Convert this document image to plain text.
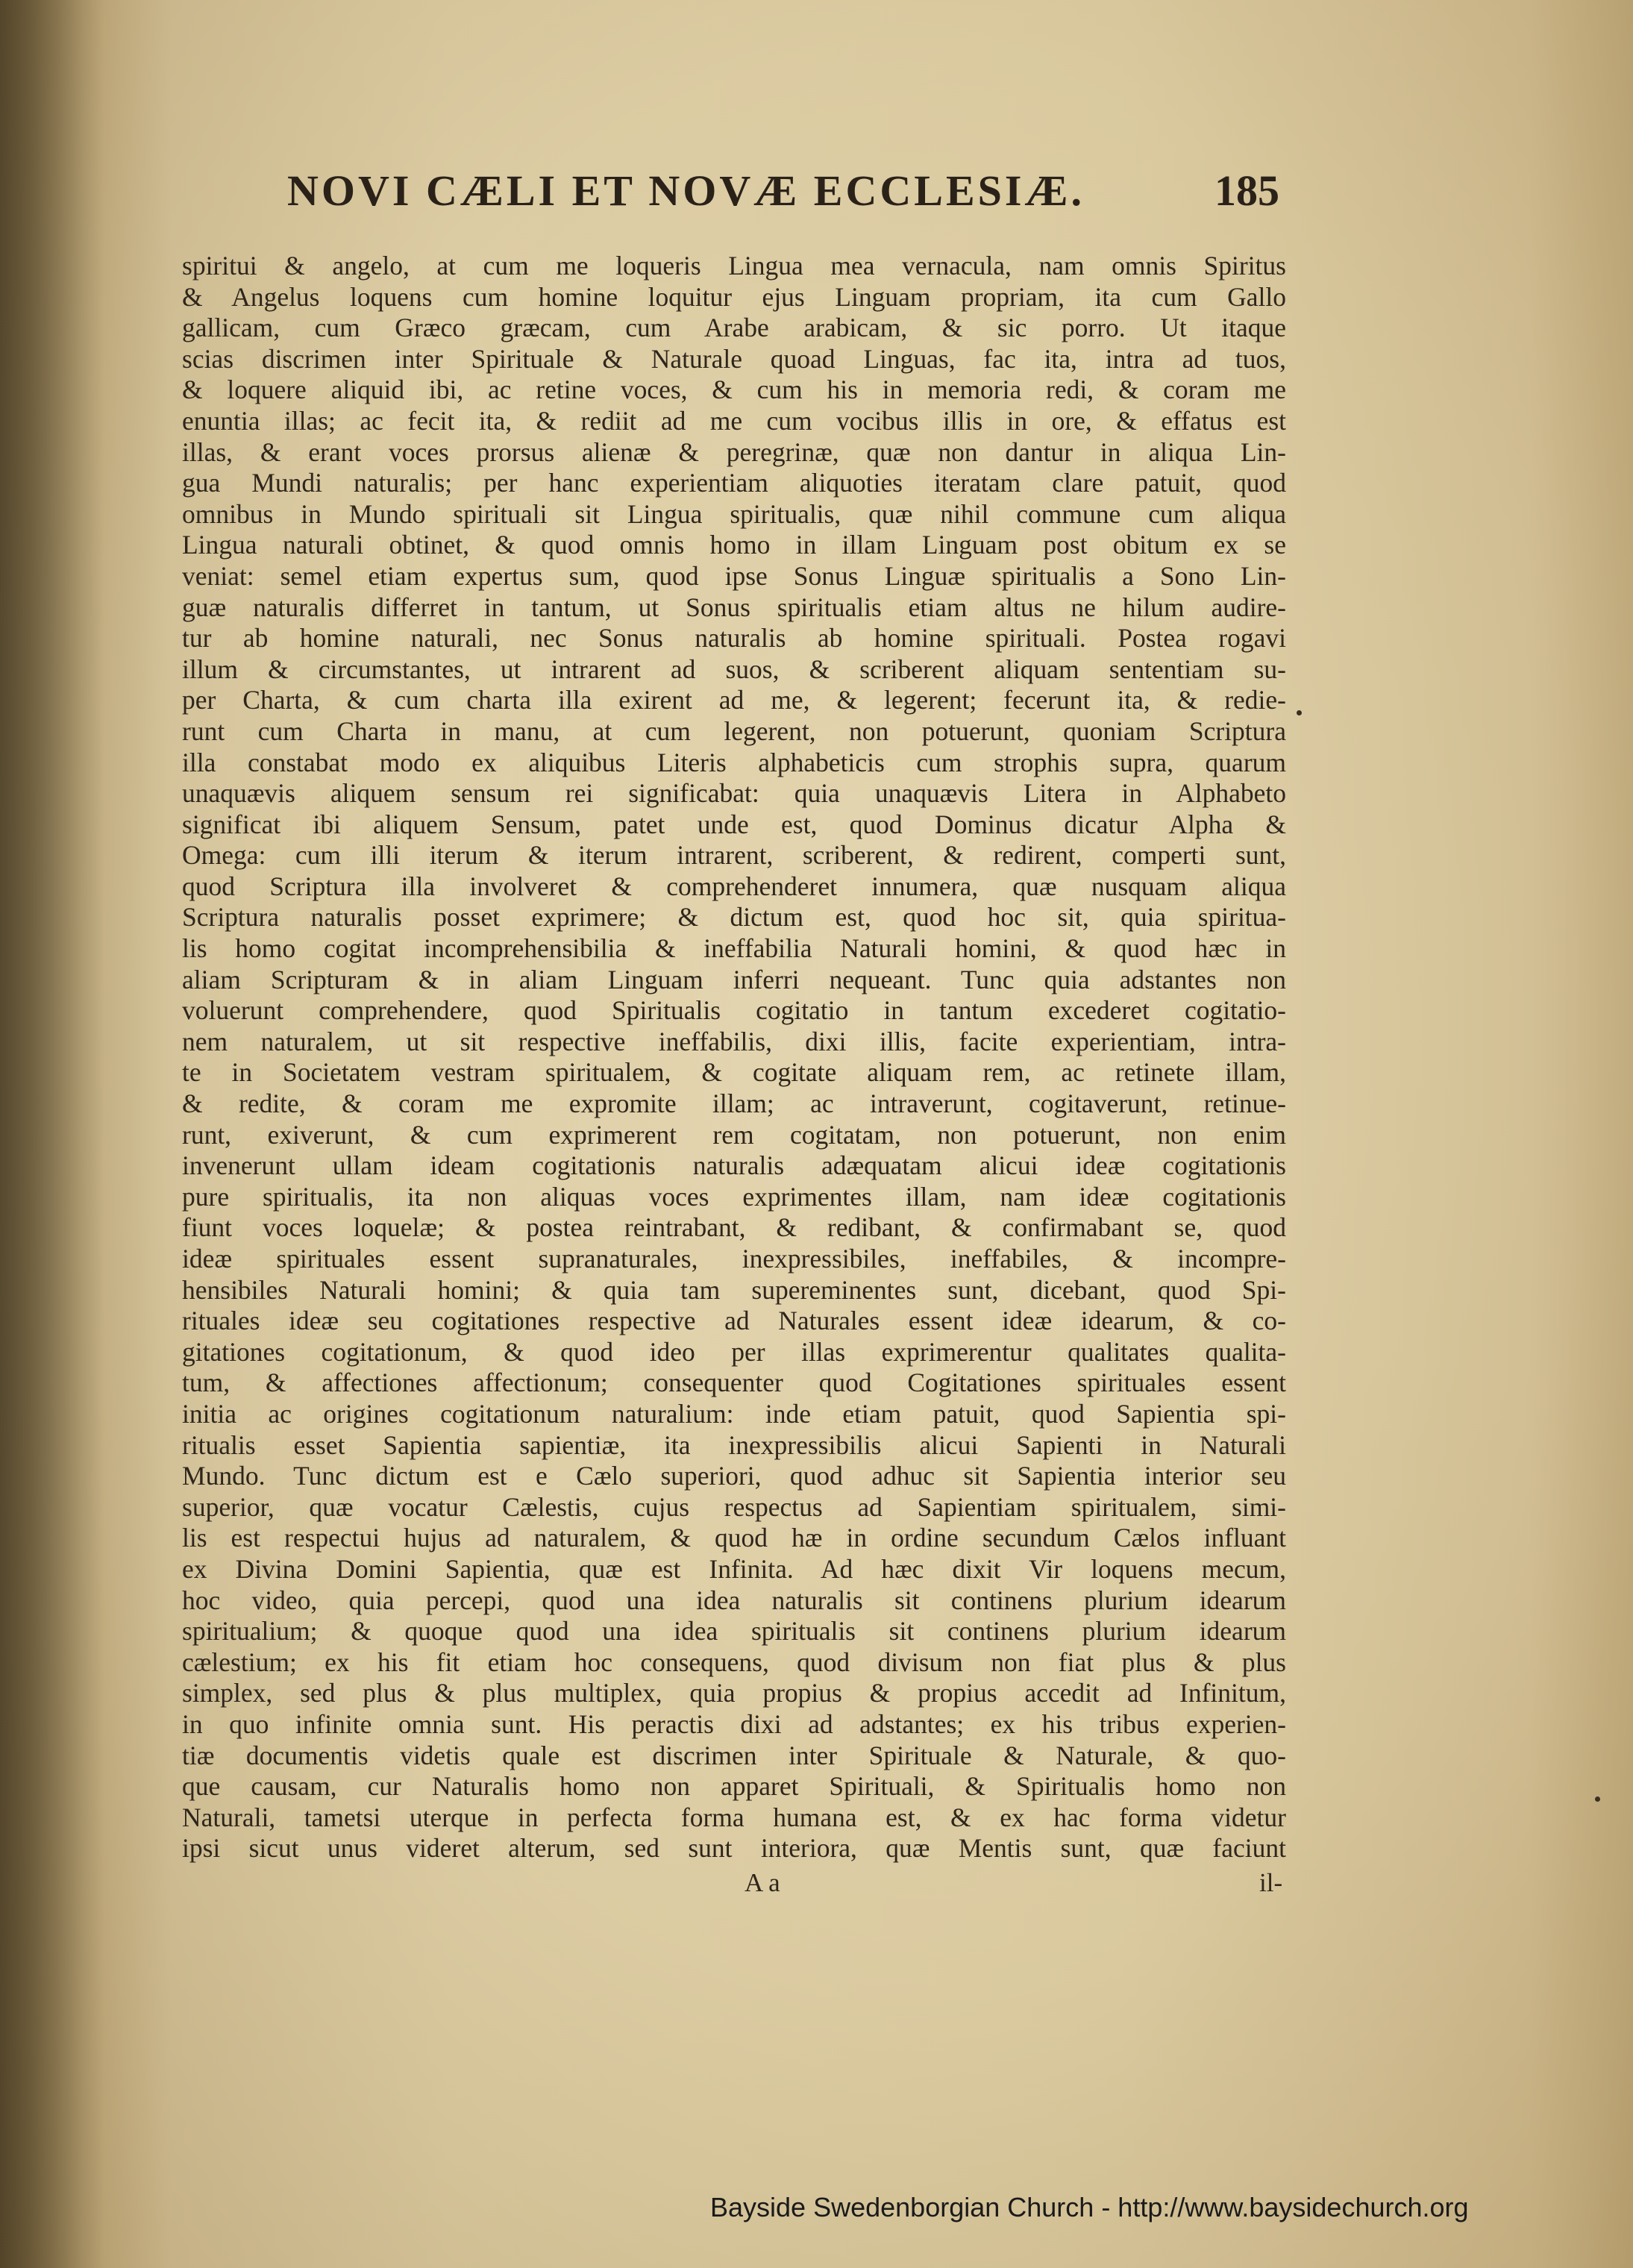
NOVI CÆLI ET NOVÆ ECCLESIÆ.	185
spiritui & angelo, at cum me loqueris Lingua mea vernacula, nam omnis Spiritus
& Angelus loquens cum homine loquitur ejus Linguam propriam, ita cum Gallo
gallicam, cum Græco græcam, cum Arabe arabicam, & sic porro. Ut itaque
scias discrimen inter Spirituale & Naturale quoad Linguas, fac ita, intra ad tuos,
& loquere aliquid ibi, ac retine voces, & cum his in memoria redi, & coram me
enuntia illas; ac fecit ita, & rediit ad me cum vocibus illis in ore, & effatus est
illas, & erant voces prorsus alienæ & peregrinæ, quæ non dantur in aliqua Lin-
gua Mundi naturalis; per hanc experientiam aliquoties iteratam clare patuit, quod
omnibus in Mundo spirituali sit Lingua spiritualis, quæ nihil commune cum aliqua
Lingua naturali obtinet, & quod omnis homo in illam Linguam post obitum ex se
veniat: semel etiam expertus sum, quod ipse Sonus Linguæ spiritualis a Sono Lin-
guæ naturalis differret in tantum, ut Sonus spiritualis etiam altus ne hilum audire-
tur ab homine naturali, nec Sonus naturalis ab homine spirituali. Postea rogavi
illum & circumstantes, ut intrarent ad suos, & scriberent aliquam sententiam su-
per Charta, & cum charta illa exirent ad me, & legerent; fecerunt ita, & redie-
runt cum Charta in manu, at cum legerent, non potuerunt, quoniam Scriptura
illa constabat modo ex aliquibus Literis alphabeticis cum strophis supra, quarum
unaquævis aliquem sensum rei significabat: quia unaquævis Litera in Alphabeto
significat ibi aliquem Sensum, patet unde est, quod Dominus dicatur Alpha &
Omega: cum illi iterum & iterum intrarent, scriberent, & redirent, comperti sunt,
quod Scriptura illa involveret & comprehenderet innumera, quæ nusquam aliqua
Scriptura naturalis posset exprimere; & dictum est, quod hoc sit, quia spiritua-
lis homo cogitat incomprehensibilia & ineffabilia Naturali homini, & quod hæc in
aliam Scripturam & in aliam Linguam inferri nequeant. Tunc quia adstantes non
voluerunt comprehendere, quod Spiritualis cogitatio in tantum excederet cogitatio-
nem naturalem, ut sit respective ineffabilis, dixi illis, facite experientiam, intra-
te in Societatem vestram spiritualem, & cogitate aliquam rem, ac retinete illam,
& redite, & coram me expromite illam; ac intraverunt, cogitaverunt, retinue-
runt, exiverunt, & cum exprimerent rem cogitatam, non potuerunt, non enim
invenerunt ullam ideam cogitationis naturalis adæquatam alicui ideæ cogitationis
pure spiritualis, ita non aliquas voces exprimentes illam, nam ideæ cogitationis
fiunt voces loquelæ; & postea reintrabant, & redibant, & confirmabant se, quod
ideæ spirituales essent supranaturales, inexpressibiles, ineffabiles, & incompre-
hensibiles Naturali homini; & quia tam supereminentes sunt, dicebant, quod Spi-
rituales ideæ seu cogitationes respective ad Naturales essent ideæ idearum, & co-
gitationes cogitationum, & quod ideo per illas exprimerentur qualitates qualita-
tum, & affectiones affectionum; consequenter quod Cogitationes spirituales essent
initia ac origines cogitationum naturalium: inde etiam patuit, quod Sapientia spi-
ritualis esset Sapientia sapientiæ, ita inexpressibilis alicui Sapienti in Naturali
Mundo. Tunc dictum est e Cælo superiori, quod adhuc sit Sapientia interior seu
superior, quæ vocatur Cælestis, cujus respectus ad Sapientiam spiritualem, simi-
lis est respectui hujus ad naturalem, & quod hæ in ordine secundum Cælos influant
ex Divina Domini Sapientia, quæ est Infinita. Ad hæc dixit Vir loquens mecum,
hoc video, quia percepi, quod una idea naturalis sit continens plurium idearum
spiritualium; & quoque quod una idea spiritualis sit continens plurium idearum
cælestium; ex his fit etiam hoc consequens, quod divisum non fiat plus & plus
simplex, sed plus & plus multiplex, quia propius & propius accedit ad Infinitum,
in quo infinite omnia sunt. His peractis dixi ad adstantes; ex his tribus experien-
tiæ documentis videtis quale est discrimen inter Spirituale & Naturale, & quo-
que causam, cur Naturalis homo non apparet Spirituali, & Spiritualis homo non
Naturali, tametsi uterque in perfecta forma humana est, & ex hac forma videtur
ipsi sicut unus videret alterum, sed sunt interiora, quæ Mentis sunt, quæ faciunt
A a	il-
Bayside Swedenborgian Church - http://www.baysidechurch.org
